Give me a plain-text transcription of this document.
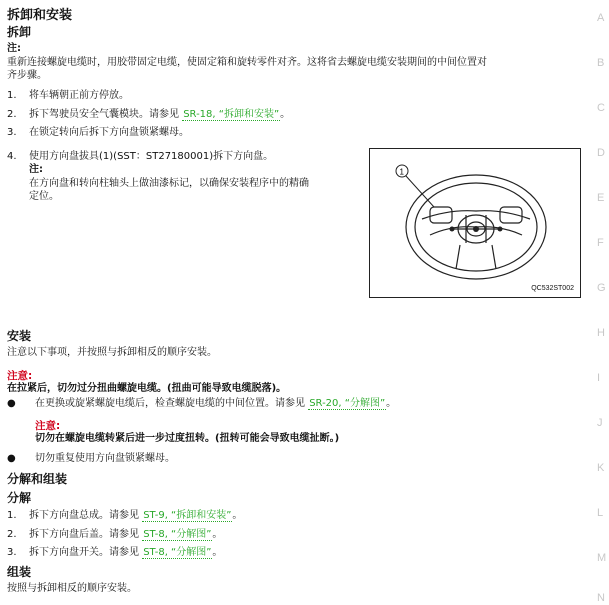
拆卸和安装
拆卸
注:
重新连接螺旋电缆时，用胶带固定电缆，使固定箱和旋转零件对齐。这将省去螺旋电缆安装期间的中间位置对
齐步骤。
1. 将车辆朝正前方停放。
2. 拆下驾驶员安全气囊模块。请参见 SR-18, “拆卸和安装”。
3. 在锁定转向后拆下方向盘锁紧螺母。
4. 使用方向盘拔具(1)(SST：ST27180001)拆下方向盘。
注:
在方向盘和转向柱轴头上做油漆标记，以确保安装程序中的精确
定位。
1
QC532ST002
安装
注意以下事项，并按照与拆卸相反的顺序安装。
注意:
在拉紧后，切勿过分扭曲螺旋电缆。(扭曲可能导致电缆脱落)。
● 在更换或旋紧螺旋电缆后，检查螺旋电缆的中间位置。请参见 SR-20, “分解图”。
注意:
切勿在螺旋电缆转紧后进一步过度扭转。(扭转可能会导致电缆扯断。)
● 切勿重复使用方向盘锁紧螺母。
分解和组装
分解
1. 拆下方向盘总成。请参见 ST-9, “拆卸和安装”。
2. 拆下方向盘后盖。请参见 ST-8, “分解图”。
3. 拆下方向盘开关。请参见 ST-8, “分解图”。
组装
按照与拆卸相反的顺序安装。
A
B
C
D
E
F
G
H
I
J
K
L
M
N
